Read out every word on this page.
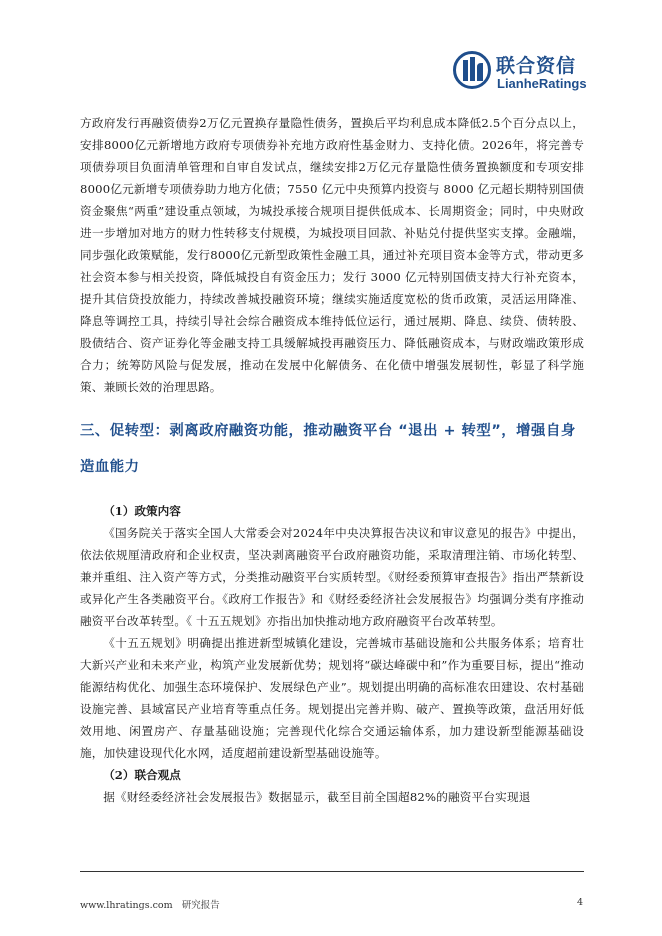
联合资信
LianheRatings

方政府发行再融资债券2万亿元置换存量隐性债务，置换后平均利息成本降低2.5个百分点以上，安排8000亿元新增地方政府专项债券补充地方政府性基金财力、支持化债。2026年，将完善专项债券项目负面清单管理和自审自发试点，继续安排2万亿元存量隐性债务置换额度和专项安排8000亿元新增专项债券助力地方化债；7550 亿元中央预算内投资与 8000 亿元超长期特别国债资金聚焦“两重”建设重点领域，为城投承接合规项目提供低成本、长周期资金；同时，中央财政进一步增加对地方的财力性转移支付规模，为城投项目回款、补贴兑付提供坚实支撑。金融端，同步强化政策赋能，发行8000亿元新型政策性金融工具，通过补充项目资本金等方式，带动更多社会资本参与相关投资，降低城投自有资金压力；发行 3000 亿元特别国债支持大行补充资本，提升其信贷投放能力，持续改善城投融资环境；继续实施适度宽松的货币政策，灵活运用降准、降息等调控工具，持续引导社会综合融资成本维持低位运行，通过展期、降息、续贷、债转股、股债结合、资产证券化等金融支持工具缓解城投再融资压力、降低融资成本，与财政端政策形成合力；统筹防风险与促发展，推动在发展中化解债务、在化债中增强发展韧性，彰显了科学施策、兼顾长效的治理思路。

三、促转型：剥离政府融资功能，推动融资平台 “退出 + 转型”，增强自身造血能力

（1）政策内容

《国务院关于落实全国人大常委会对2024年中央决算报告决议和审议意见的报告》中提出，依法依规厘清政府和企业权责，坚决剥离融资平台政府融资功能，采取清理注销、市场化转型、兼并重组、注入资产等方式，分类推动融资平台实质转型。《财经委预算审查报告》指出严禁新设或异化产生各类融资平台。《政府工作报告》和《财经委经济社会发展报告》均强调分类有序推动融资平台改革转型。《 十五五规划》亦指出加快推动地方政府融资平台改革转型。

《十五五规划》明确提出推进新型城镇化建设，完善城市基础设施和公共服务体系；培育壮大新兴产业和未来产业，构筑产业发展新优势；规划将“碳达峰碳中和”作为重要目标，提出“推动能源结构优化、加强生态环境保护、发展绿色产业”。规划提出明确的高标准农田建设、农村基础设施完善、县域富民产业培育等重点任务。规划提出完善并购、破产、置换等政策，盘活用好低效用地、闲置房产、存量基础设施；完善现代化综合交通运输体系，加力建设新型能源基础设施，加快建设现代化水网，适度超前建设新型基础设施等。

（2）联合观点

据《财经委经济社会发展报告》数据显示，截至目前全国超82%的融资平台实现退

www.lhratings.com 研究报告	4
